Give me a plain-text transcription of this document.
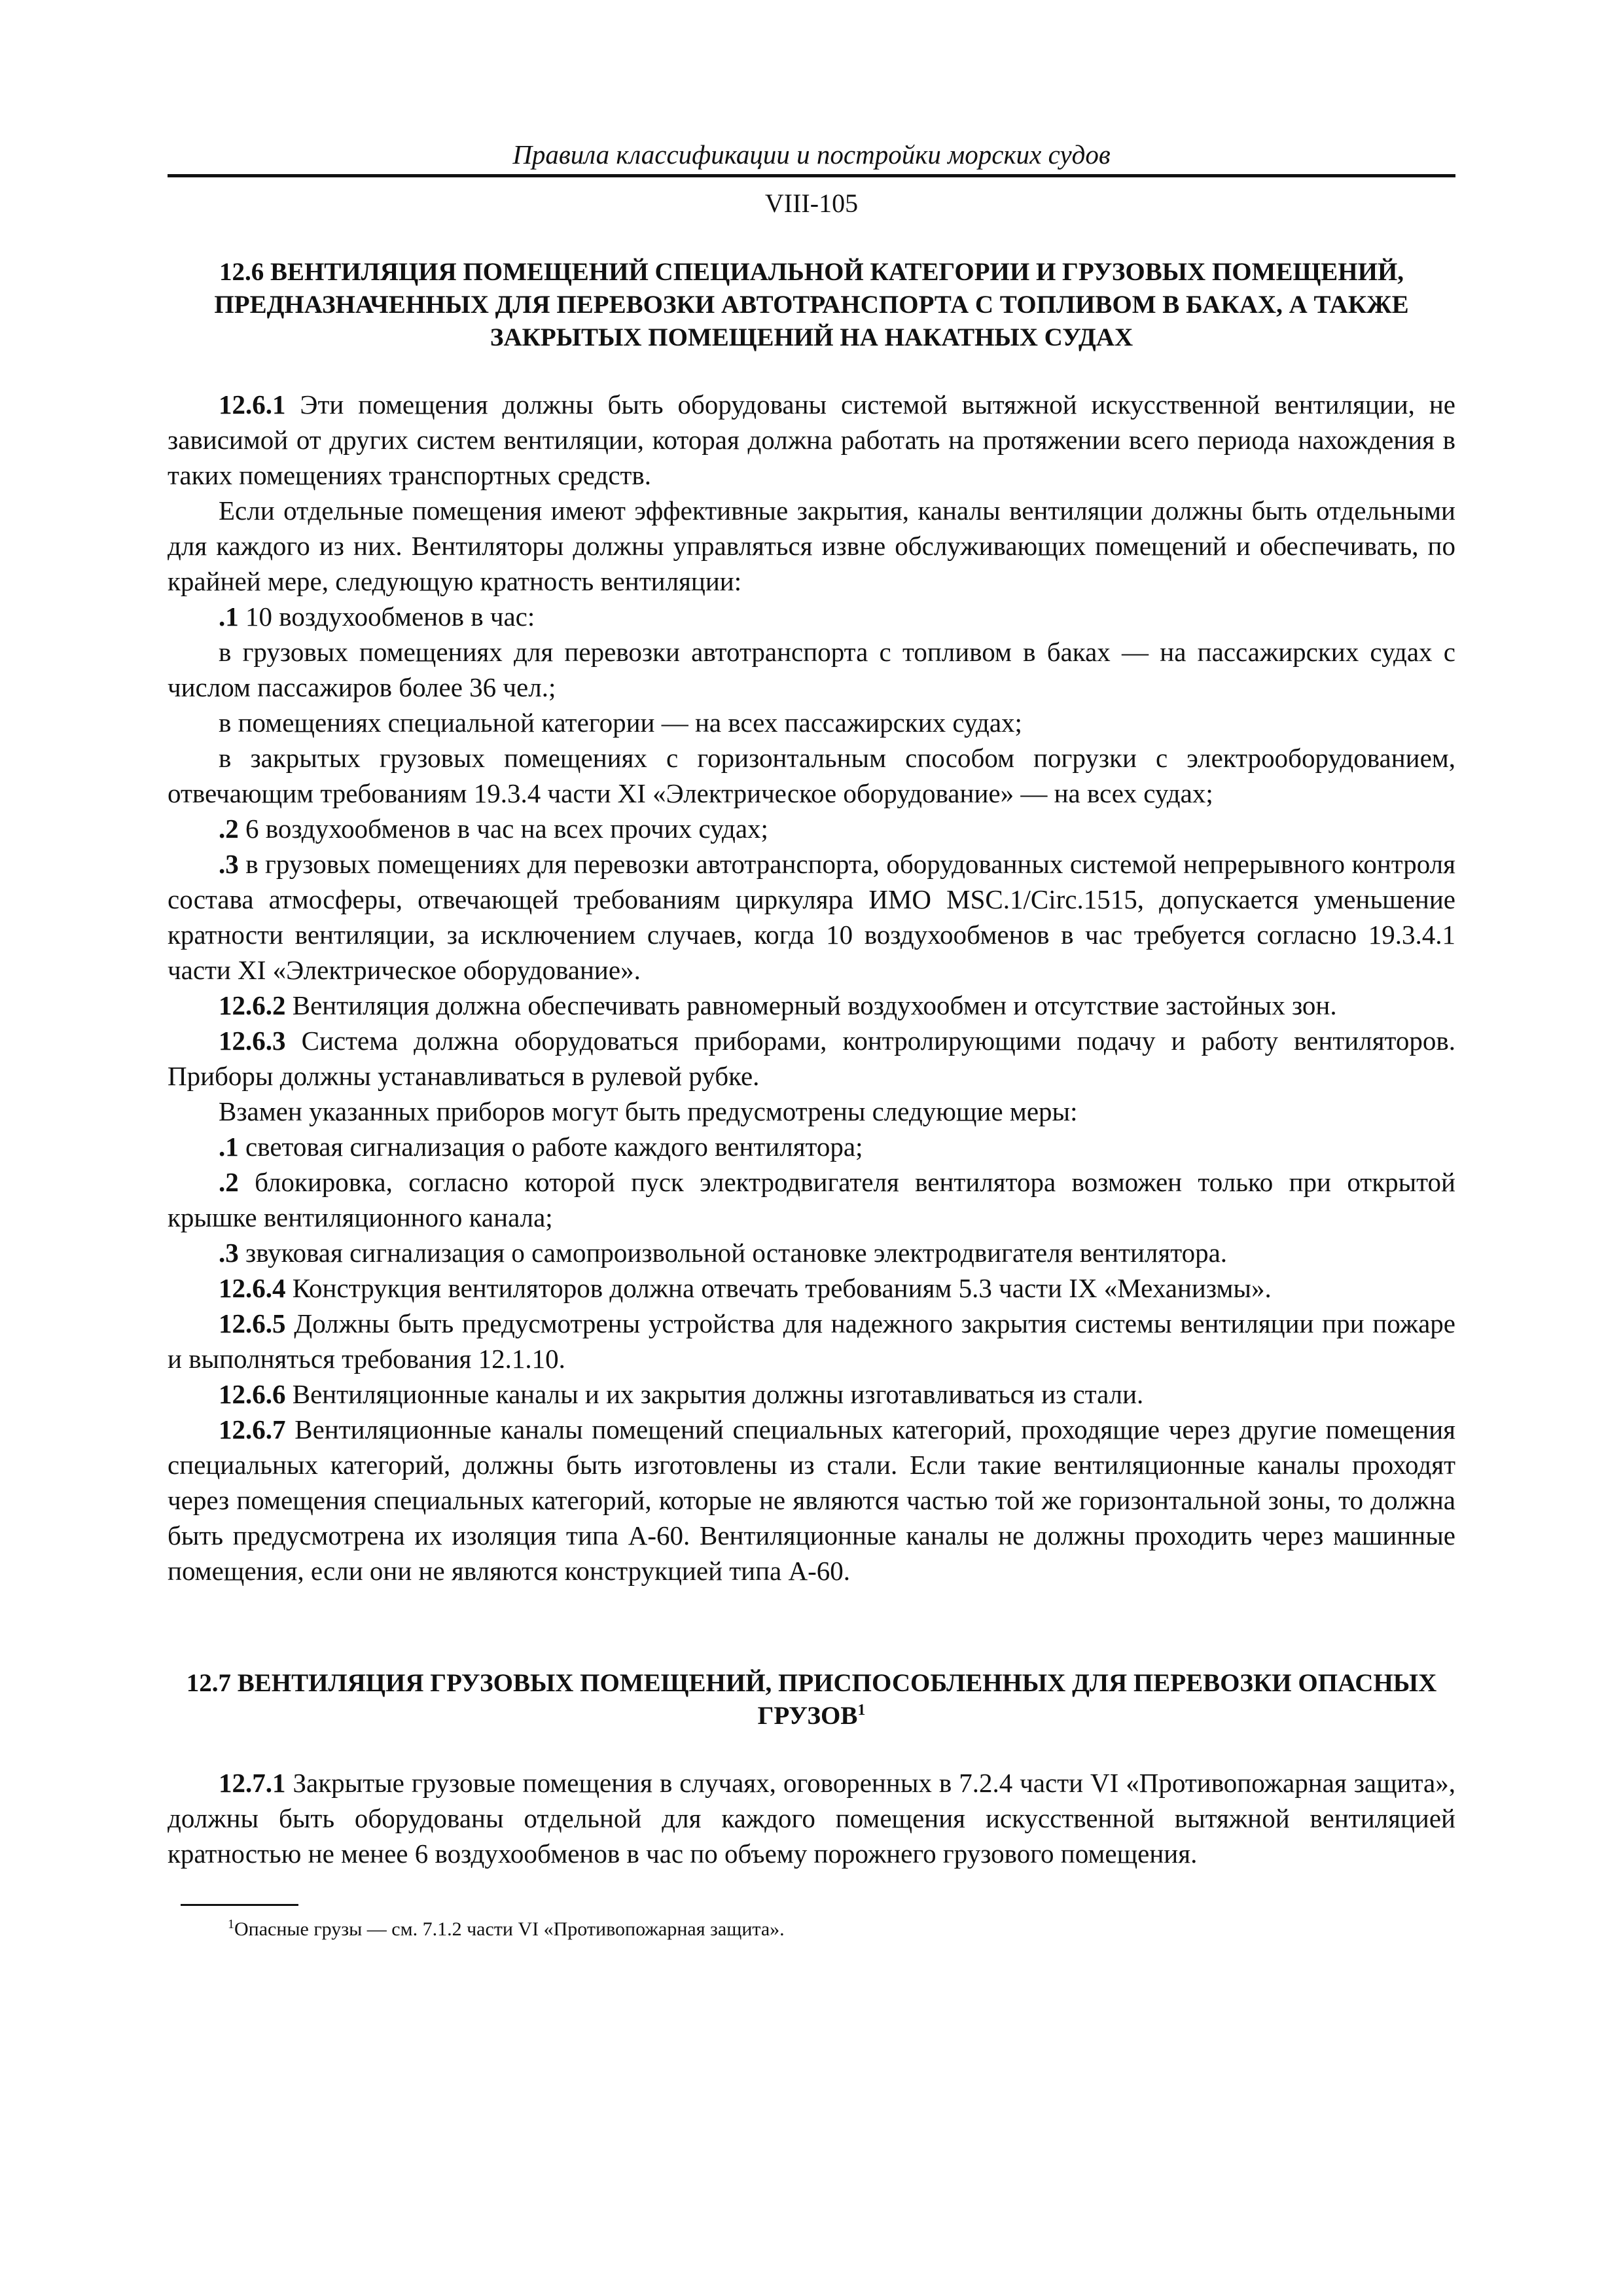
Правила классификации и постройки морских судов

VIII-105
12.6 ВЕНТИЛЯЦИЯ ПОМЕЩЕНИЙ СПЕЦИАЛЬНОЙ КАТЕГОРИИ И ГРУЗОВЫХ ПОМЕЩЕНИЙ, ПРЕДНАЗНАЧЕННЫХ ДЛЯ ПЕРЕВОЗКИ АВТОТРАНСПОРТА С ТОПЛИВОМ В БАКАХ, А ТАКЖЕ ЗАКРЫТЫХ ПОМЕЩЕНИЙ НА НАКАТНЫХ СУДАХ

12.6.1 Эти помещения должны быть оборудованы системой вытяжной искусственной вентиляции, не зависимой от других систем вентиляции, которая должна работать на протяжении всего периода нахождения в таких помещениях транспортных средств.

Если отдельные помещения имеют эффективные закрытия, каналы вентиляции должны быть отдельными для каждого из них. Вентиляторы должны управляться извне обслуживающих помещений и обеспечивать, по крайней мере, следующую кратность вентиляции:

.1 10 воздухообменов в час:

в грузовых помещениях для перевозки автотранспорта с топливом в баках — на пассажирских судах с числом пассажиров более 36 чел.;

в помещениях специальной категории — на всех пассажирских судах;

в закрытых грузовых помещениях с горизонтальным способом погрузки с электрооборудованием, отвечающим требованиям 19.3.4 части XI «Электрическое оборудование» — на всех судах;

.2 6 воздухообменов в час на всех прочих судах;

.3 в грузовых помещениях для перевозки автотранспорта, оборудованных системой непрерывного контроля состава атмосферы, отвечающей требованиям циркуляра ИМО MSC.1/Circ.1515, допускается уменьшение кратности вентиляции, за исключением случаев, когда 10 воздухообменов в час требуется согласно 19.3.4.1 части XI «Электрическое оборудование».

12.6.2 Вентиляция должна обеспечивать равномерный воздухообмен и отсутствие застойных зон.

12.6.3 Система должна оборудоваться приборами, контролирующими подачу и работу вентиляторов. Приборы должны устанавливаться в рулевой рубке.

Взамен указанных приборов могут быть предусмотрены следующие меры:

.1 световая сигнализация о работе каждого вентилятора;

.2 блокировка, согласно которой пуск электродвигателя вентилятора возможен только при открытой крышке вентиляционного канала;

.3 звуковая сигнализация о самопроизвольной остановке электродвигателя вентилятора.

12.6.4 Конструкция вентиляторов должна отвечать требованиям 5.3 части IX «Механизмы».

12.6.5 Должны быть предусмотрены устройства для надежного закрытия системы вентиляции при пожаре и выполняться требования 12.1.10.

12.6.6 Вентиляционные каналы и их закрытия должны изготавливаться из стали.

12.6.7 Вентиляционные каналы помещений специальных категорий, проходящие через другие помещения специальных категорий, должны быть изготовлены из стали. Если такие вентиляционные каналы проходят через помещения специальных категорий, которые не являются частью той же горизонтальной зоны, то должна быть предусмотрена их изоляция типа A-60. Вентиляционные каналы не должны проходить через машинные помещения, если они не являются конструкцией типа A-60.

12.7 ВЕНТИЛЯЦИЯ ГРУЗОВЫХ ПОМЕЩЕНИЙ, ПРИСПОСОБЛЕННЫХ ДЛЯ ПЕРЕВОЗКИ ОПАСНЫХ ГРУЗОВ$^1$

12.7.1 Закрытые грузовые помещения в случаях, оговоренных в 7.2.4 части VI «Противопожарная защита», должны быть оборудованы отдельной для каждого помещения искусственной вытяжной вентиляцией кратностью не менее 6 воздухообменов в час по объему порожнего грузового помещения.

$^1$Опасные грузы — см. 7.1.2 части VI «Противопожарная защита».
